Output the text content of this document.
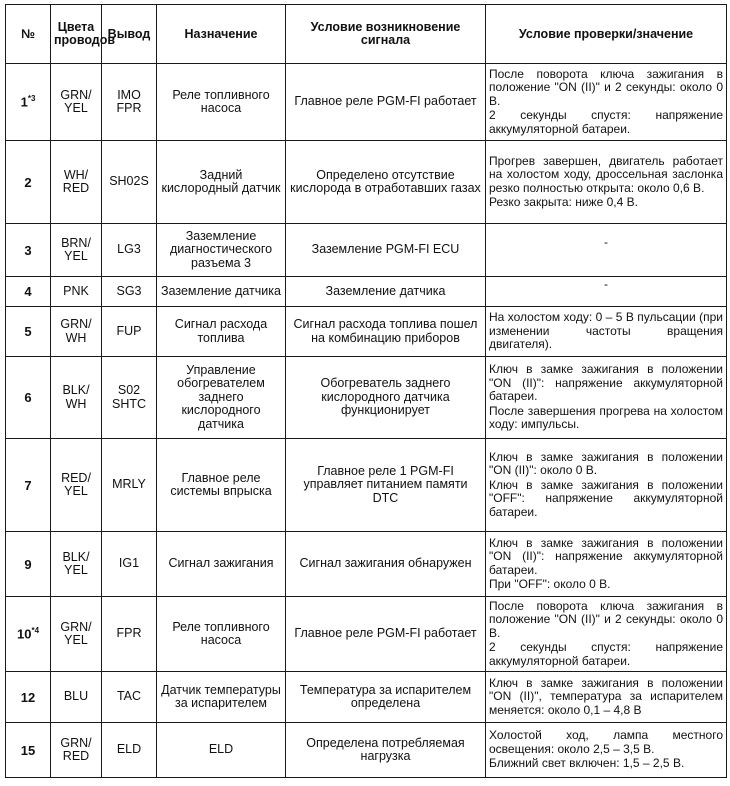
№	Цвета проводов	Вывод	Назначение	Условие возникновение сигнала	Условие проверки/значение
1$^{*3}$	GRN/ YEL	IMO FPR	Реле топливного насоса	Главное реле PGM-FI работает	После поворота ключа зажигания в положение "ON (II)" и 2 секунды: около 0 В.

2 секунды спустя: напряжение аккумуляторной батареи.

2	WH/ RED	SH02S	Задний кислородный датчик	Определено отсутствие кислорода в отработавших газах	Прогрев завершен, двигатель работает на холостом ходу, дроссельная заслонка резко полностью открыта: около 0,6 В.

Резко закрыта: ниже 0,4 В.

3	BRN/ YEL	LG3	Заземление диагностического разъема 3	Заземление PGM-FI ECU	-
4	PNK	SG3	Заземление датчика	Заземление датчика	-
5	GRN/ WH	FUP	Сигнал расхода топлива	Сигнал расхода топлива пошел на комбинацию приборов	На холостом ходу: 0 – 5 В пульсации (при изменении частоты вращения двигателя).

6	BLK/ WH	S02 SHTC	Управление обогревателем заднего кислородного датчика	Обогреватель заднего кислородного датчика функционирует	Ключ в замке зажигания в положении "ON (II)": напряжение аккумуляторной батареи.

После завершения прогрева на холостом ходу: импульсы.

7	RED/ YEL	MRLY	Главное реле системы впрыска	Главное реле 1 PGM-FI управляет питанием памяти DTC	Ключ в замке зажигания в положении "ON (II)": около 0 В.

Ключ в замке зажигания в положении "OFF": напряжение аккумуляторной батареи.

9	BLK/ YEL	IG1	Сигнал зажигания	Сигнал зажигания обнаружен	Ключ в замке зажигания в положении "ON (II)": напряжение аккумуляторной батареи.

При "OFF": около 0 В.

10$^{*4}$	GRN/ YEL	FPR	Реле топливного насоса	Главное реле PGM-FI работает	После поворота ключа зажигания в положение "ON (II)" и 2 секунды: около 0 В.

2 секунды спустя: напряжение аккумуляторной батареи.

12	BLU	TAC	Датчик температуры за испарителем	Температура за испарителем определена	Ключ в замке зажигания в положении "ON (II)", температура за испарителем меняется: около 0,1 – 4,8 В

15	GRN/ RED	ELD	ELD	Определена потребляемая нагрузка	Холостой ход, лампа местного освещения: около 2,5 – 3,5 В.

Ближний свет включен: 1,5 – 2,5 В.
